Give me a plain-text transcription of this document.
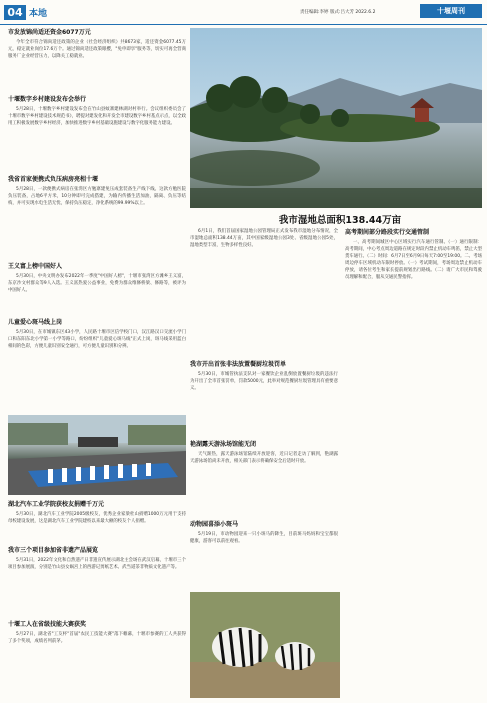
04 本地	责任编辑:李婷 版式:吕大芳 2022.6.2	十堰周刊
市发放锦尚适还资金6077万元

今年全市符合锦尚适还政策的企业（社会经济组织）共8673家，适还资金6077.45万元，稳定就业岗位17.6万个。通过锦尚适还政策眼樱，"免申即享"服务等，切实可再全营商服务厂企业经营压力，以降关工稳就业。

十堰数字乡村建设发布会举行

5月28日，十堰数字乡村建设发布会在竹山县蚊寨建林湖对村举行。会议组织委员会了十堰市数字乡村建设技术规范书》，聘提对建发化和开发全市建设数字乡村基点示点，以全政用工积极发展数字乡村经济，加快推进数字乡村基础设施建设与数字化服务能力建设。

我省首家便携式负压病房亮相十堰

5月28日，一款便携式病房在张湾区方勉寨建免压成套装备生产线下线。这款方勉医院负压装备，占地6平方米，10分钟即可完成搭建，为输内传播生活加油，隔离、负压等结构，并可实现水电生活无忧，保持负压稳定，净化系统的99.99%以上。

王义富上榜中国好人

5月30日，中央文明办发布2022年一季度"中国好人榜"，十堰市张湾区方滩乡王义富，东京沙文村群众等9人入选。王义富热爱公益事业，免费为群众维修桥梁、修路等，被评为中国好人。

儿童爱心斑马线上岗

5月30日，在市城镇东区43小学，人民路十堰市区信学校门口，汉江路汉口交流小学门口和东阳东北小学第一小学等路口，纷纷组织"儿童爱心斑马线"正式上岗，斑马线采用蓝白相间的色彩，方便儿童识别安全通行，可方便儿童识别和分辨。

湖北汽车工业学院获校友捐赠千万元

5月30日，湖北汽车工业学院2005级校友，优秀企业家梁杜山捐赠1000万元用于支持母校建设发展，这是湖北汽车工业学院建校以来最大额的校友个人捐赠。

我市三个项目参加省非遗产品展览

5月31日，2022年文化和自然遗产日非遗宣传展示湖北主会场在武汉启幕，十堰市三个项目参加展演，分别是竹山县女娲宫上的西游记剪纸艺术、武当道茶非物质文化遗产等。

十堰工人在省级技能大赛获奖

5月27日，湖北省"工友杯"首届"农民工技能大赛"落下帷幕，十堰市参赛的工人共获得了多个奖项，成绩名列前茅。

我市湿地总面积138.44万亩

6月1日，我们首届国家湿地公园管理局正式发布我市湿地分布情况，全市湿地总面积138.44万亩，其中国家级湿地公园3处、省级湿地公园5处，湿地类型丰富，生物多样性良好。

我市开出首张非法放置餐厨垃圾罚单

5月30日，市城管执法支队对一家餐饮企业乱倒放置餐厨垃圾的违法行为开出了全市首张罚单，罚款5000元，此举对规范餐厨垃圾管理具有重要意义。

艳湖露天游泳场馆能无闭

天气渐热，露天游泳场馆陆续开放迎客，近日记者走访了解到，艳湖露天游泳场馆尚未开放，相关部门表示将确保安全后适时开放。

动物园喜添小斑马

5月19日，市动物园迎来一只小斑马的降生，目前斑马妈妈和宝宝都很健康，游客可以前往观看。

高考期间部分路段实行交通管制

一、高考期间城区中心区域实行汽车通行管制。（一）通行限制：高考期间，中心考点周边道路在规定时段内禁止机动车鸣笛，禁止大型货车通行。（二）时间：6月7日至6月9日每天7:00至19:00。二、考场周边停车区域机动车限时停放。（一）考试期间，考场周边禁止机动车停放，请各位考生和家长提前规划出行路线。（二）请广大市民和驾驶员理解和配合，服从交通民警指挥。
